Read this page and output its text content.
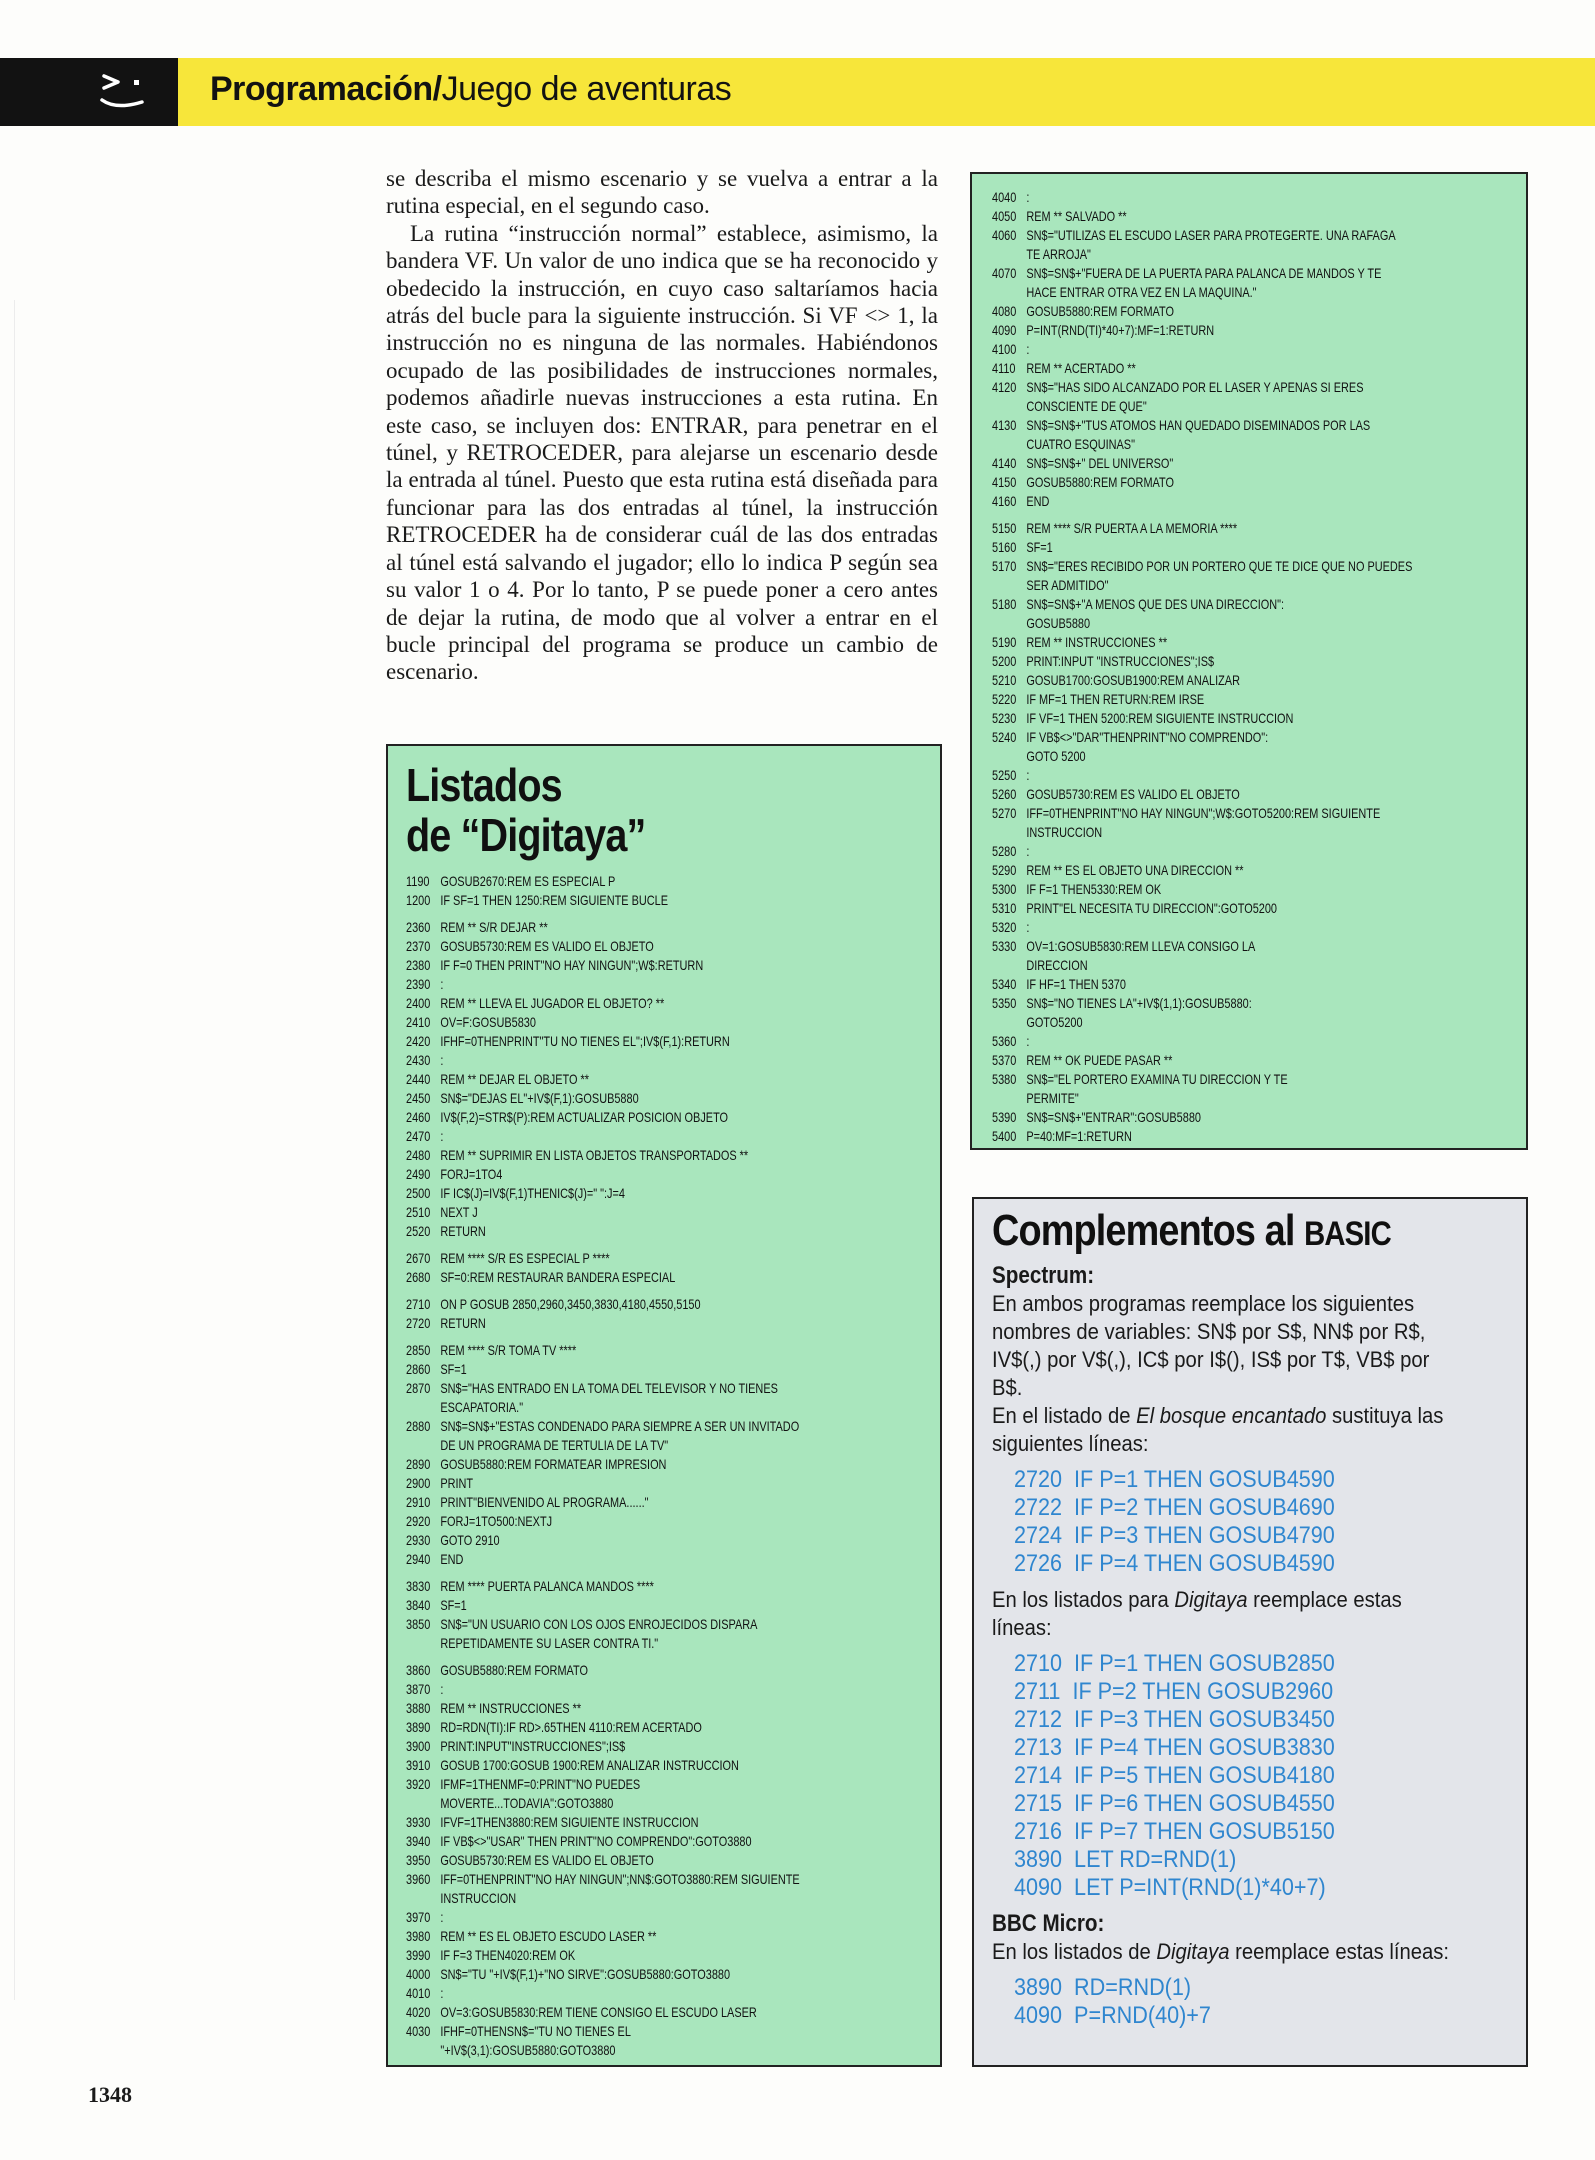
Programación/Juego de aventuras

se describa el mismo escenario y se vuelva a entrar a la rutina especial, en el segundo caso.

La rutina “instrucción normal” establece, asimismo, la bandera VF. Un valor de uno indica que se ha reconocido y obedecido la instrucción, en cuyo caso saltaríamos hacia atrás del bucle para la siguiente instrucción. Si VF <> 1, la instrucción no es ninguna de las normales. Habiéndonos ocupado de las posibilidades de instrucciones normales, podemos añadirle nuevas instrucciones a esta rutina. En este caso, se incluyen dos: ENTRAR, para penetrar en el túnel, y RETROCEDER, para alejarse un escenario desde la entrada al túnel. Puesto que esta rutina está diseñada para funcionar para las dos entradas al túnel, la instrucción RETROCEDER ha de considerar cuál de las dos entradas al túnel está salvando el jugador; ello lo indica P según sea su valor 1 o 4. Por lo tanto, P se puede poner a cero antes de dejar la rutina, de modo que al volver a entrar en el bucle principal del programa se produce un cambio de escenario.

Listados
de “Digitaya”
1190 GOSUB2670:REM ES ESPECIAL P
1200 IF SF=1 THEN 1250:REM SIGUIENTE BUCLE
2360 REM ** S/R DEJAR **
2370 GOSUB5730:REM ES VALIDO EL OBJETO
2380 IF F=0 THEN PRINT"NO HAY NINGUN";W$:RETURN
2390 :
2400 REM ** LLEVA EL JUGADOR EL OBJETO? **
2410 OV=F:GOSUB5830
2420 IFHF=0THENPRINT"TU NO TIENES EL";IV$(F,1):RETURN
2430 :
2440 REM ** DEJAR EL OBJETO **
2450 SN$="DEJAS EL"+IV$(F,1):GOSUB5880
2460 IV$(F,2)=STR$(P):REM ACTUALIZAR POSICION OBJETO
2470 :
2480 REM ** SUPRIMIR EN LISTA OBJETOS TRANSPORTADOS **
2490 FORJ=1TO4
2500 IF IC$(J)=IV$(F,1)THENIC$(J)=" ":J=4
2510 NEXT J
2520 RETURN
2670 REM **** S/R ES ESPECIAL P ****
2680 SF=0:REM RESTAURAR BANDERA ESPECIAL
2710 ON P GOSUB 2850,2960,3450,3830,4180,4550,5150
2720 RETURN
2850 REM **** S/R TOMA TV ****
2860 SF=1
2870 SN$="HAS ENTRADO EN LA TOMA DEL TELEVISOR Y NO TIENES
ESCAPATORIA."
2880 SN$=SN$+"ESTAS CONDENADO PARA SIEMPRE A SER UN INVITADO
DE UN PROGRAMA DE TERTULIA DE LA TV"
2890 GOSUB5880:REM FORMATEAR IMPRESION
2900 PRINT
2910 PRINT"BIENVENIDO AL PROGRAMA......"
2920 FORJ=1TO500:NEXTJ
2930 GOTO 2910
2940 END
3830 REM **** PUERTA PALANCA MANDOS ****
3840 SF=1
3850 SN$="UN USUARIO CON LOS OJOS ENROJECIDOS DISPARA
REPETIDAMENTE SU LASER CONTRA TI."
3860 GOSUB5880:REM FORMATO
3870 :
3880 REM ** INSTRUCCIONES **
3890 RD=RDN(TI):IF RD>.65THEN 4110:REM ACERTADO
3900 PRINT:INPUT"INSTRUCCIONES";IS$
3910 GOSUB 1700:GOSUB 1900:REM ANALIZAR INSTRUCCION
3920 IFMF=1THENMF=0:PRINT"NO PUEDES
MOVERTE...TODAVIA":GOTO3880
3930 IFVF=1THEN3880:REM SIGUIENTE INSTRUCCION
3940 IF VB$<>"USAR" THEN PRINT"NO COMPRENDO":GOTO3880
3950 GOSUB5730:REM ES VALIDO EL OBJETO
3960 IFF=0THENPRINT"NO HAY NINGUN";NN$:GOTO3880:REM SIGUIENTE
INSTRUCCION
3970 :
3980 REM ** ES EL OBJETO ESCUDO LASER **
3990 IF F=3 THEN4020:REM OK
4000 SN$="TU "+IV$(F,1)+"NO SIRVE":GOSUB5880:GOTO3880
4010 :
4020 OV=3:GOSUB5830:REM TIENE CONSIGO EL ESCUDO LASER
4030 IFHF=0THENSN$="TU NO TIENES EL
"+IV$(3,1):GOSUB5880:GOTO3880
4040 :
4050 REM ** SALVADO **
4060 SN$="UTILIZAS EL ESCUDO LASER PARA PROTEGERTE. UNA RAFAGA
TE ARROJA"
4070 SN$=SN$+"FUERA DE LA PUERTA PARA PALANCA DE MANDOS Y TE
HACE ENTRAR OTRA VEZ EN LA MAQUINA."
4080 GOSUB5880:REM FORMATO
4090 P=INT(RND(TI)*40+7):MF=1:RETURN
4100 :
4110 REM ** ACERTADO **
4120 SN$="HAS SIDO ALCANZADO POR EL LASER Y APENAS SI ERES
CONSCIENTE DE QUE"
4130 SN$=SN$+"TUS ATOMOS HAN QUEDADO DISEMINADOS POR LAS
CUATRO ESQUINAS"
4140 SN$=SN$+" DEL UNIVERSO"
4150 GOSUB5880:REM FORMATO
4160 END
5150 REM **** S/R PUERTA A LA MEMORIA ****
5160 SF=1
5170 SN$="ERES RECIBIDO POR UN PORTERO QUE TE DICE QUE NO PUEDES
SER ADMITIDO"
5180 SN$=SN$+"A MENOS QUE DES UNA DIRECCION":
GOSUB5880
5190 REM ** INSTRUCCIONES **
5200 PRINT:INPUT "INSTRUCCIONES";IS$
5210 GOSUB1700:GOSUB1900:REM ANALIZAR
5220 IF MF=1 THEN RETURN:REM IRSE
5230 IF VF=1 THEN 5200:REM SIGUIENTE INSTRUCCION
5240 IF VB$<>"DAR"THENPRINT"NO COMPRENDO":
GOTO 5200
5250 :
5260 GOSUB5730:REM ES VALIDO EL OBJETO
5270 IFF=0THENPRINT"NO HAY NINGUN";W$:GOTO5200:REM SIGUIENTE
INSTRUCCION
5280 :
5290 REM ** ES EL OBJETO UNA DIRECCION **
5300 IF F=1 THEN5330:REM OK
5310 PRINT"EL NECESITA TU DIRECCION":GOTO5200
5320 :
5330 OV=1:GOSUB5830:REM LLEVA CONSIGO LA
DIRECCION
5340 IF HF=1 THEN 5370
5350 SN$="NO TIENES LA"+IV$(1,1):GOSUB5880:
GOTO5200
5360 :
5370 REM ** OK PUEDE PASAR **
5380 SN$="EL PORTERO EXAMINA TU DIRECCION Y TE
PERMITE"
5390 SN$=SN$+"ENTRAR":GOSUB5880
5400 P=40:MF=1:RETURN
Complementos al BASIC
Spectrum:

En ambos programas reemplace los siguientes nombres de variables: SN$ por S$, NN$ por R$, IV$(,) por V$(,), IC$ por I$(), IS$ por T$, VB$ por B$.

En el listado de El bosque encantado sustituya las siguientes líneas:

2720  IF P=1 THEN GOSUB4590
2722  IF P=2 THEN GOSUB4690
2724  IF P=3 THEN GOSUB4790
2726  IF P=4 THEN GOSUB4590

En los listados para Digitaya reemplace estas líneas:

2710  IF P=1 THEN GOSUB2850
2711  IF P=2 THEN GOSUB2960
2712  IF P=3 THEN GOSUB3450
2713  IF P=4 THEN GOSUB3830
2714  IF P=5 THEN GOSUB4180
2715  IF P=6 THEN GOSUB4550
2716  IF P=7 THEN GOSUB5150
3890  LET RD=RND(1)
4090  LET P=INT(RND(1)*40+7)
BBC Micro:

En los listados de Digitaya reemplace estas líneas:

3890  RD=RND(1)
4090  P=RND(40)+7
1348
